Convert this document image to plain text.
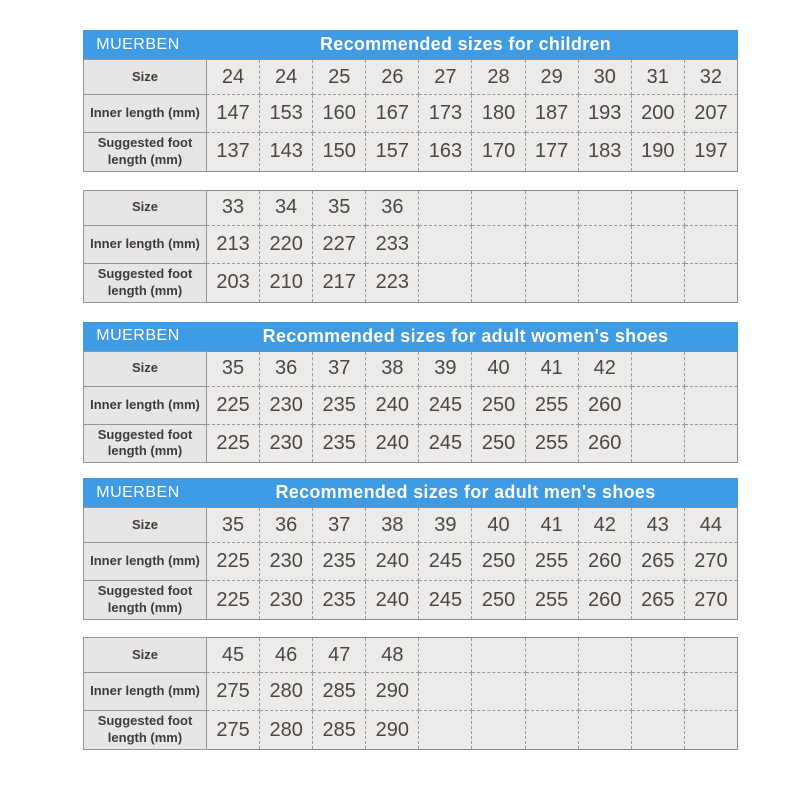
MUERBEN	Recommended sizes for children
Size	24	24	25	26	27	28	29	30	31	32
Inner length (mm)	147	153	160	167	173	180	187	193	200	207
Suggested foot length (mm)	137	143	150	157	163	170	177	183	190	197
Size	33	34	35	36						
Inner length (mm)	213	220	227	233						
Suggested foot length (mm)	203	210	217	223						
MUERBEN	Recommended sizes for adult women's shoes
Size	35	36	37	38	39	40	41	42		
Inner length (mm)	225	230	235	240	245	250	255	260		
Suggested foot length (mm)	225	230	235	240	245	250	255	260		
MUERBEN	Recommended sizes for adult men's shoes
Size	35	36	37	38	39	40	41	42	43	44
Inner length (mm)	225	230	235	240	245	250	255	260	265	270
Suggested foot length (mm)	225	230	235	240	245	250	255	260	265	270
Size	45	46	47	48						
Inner length (mm)	275	280	285	290						
Suggested foot length (mm)	275	280	285	290						
